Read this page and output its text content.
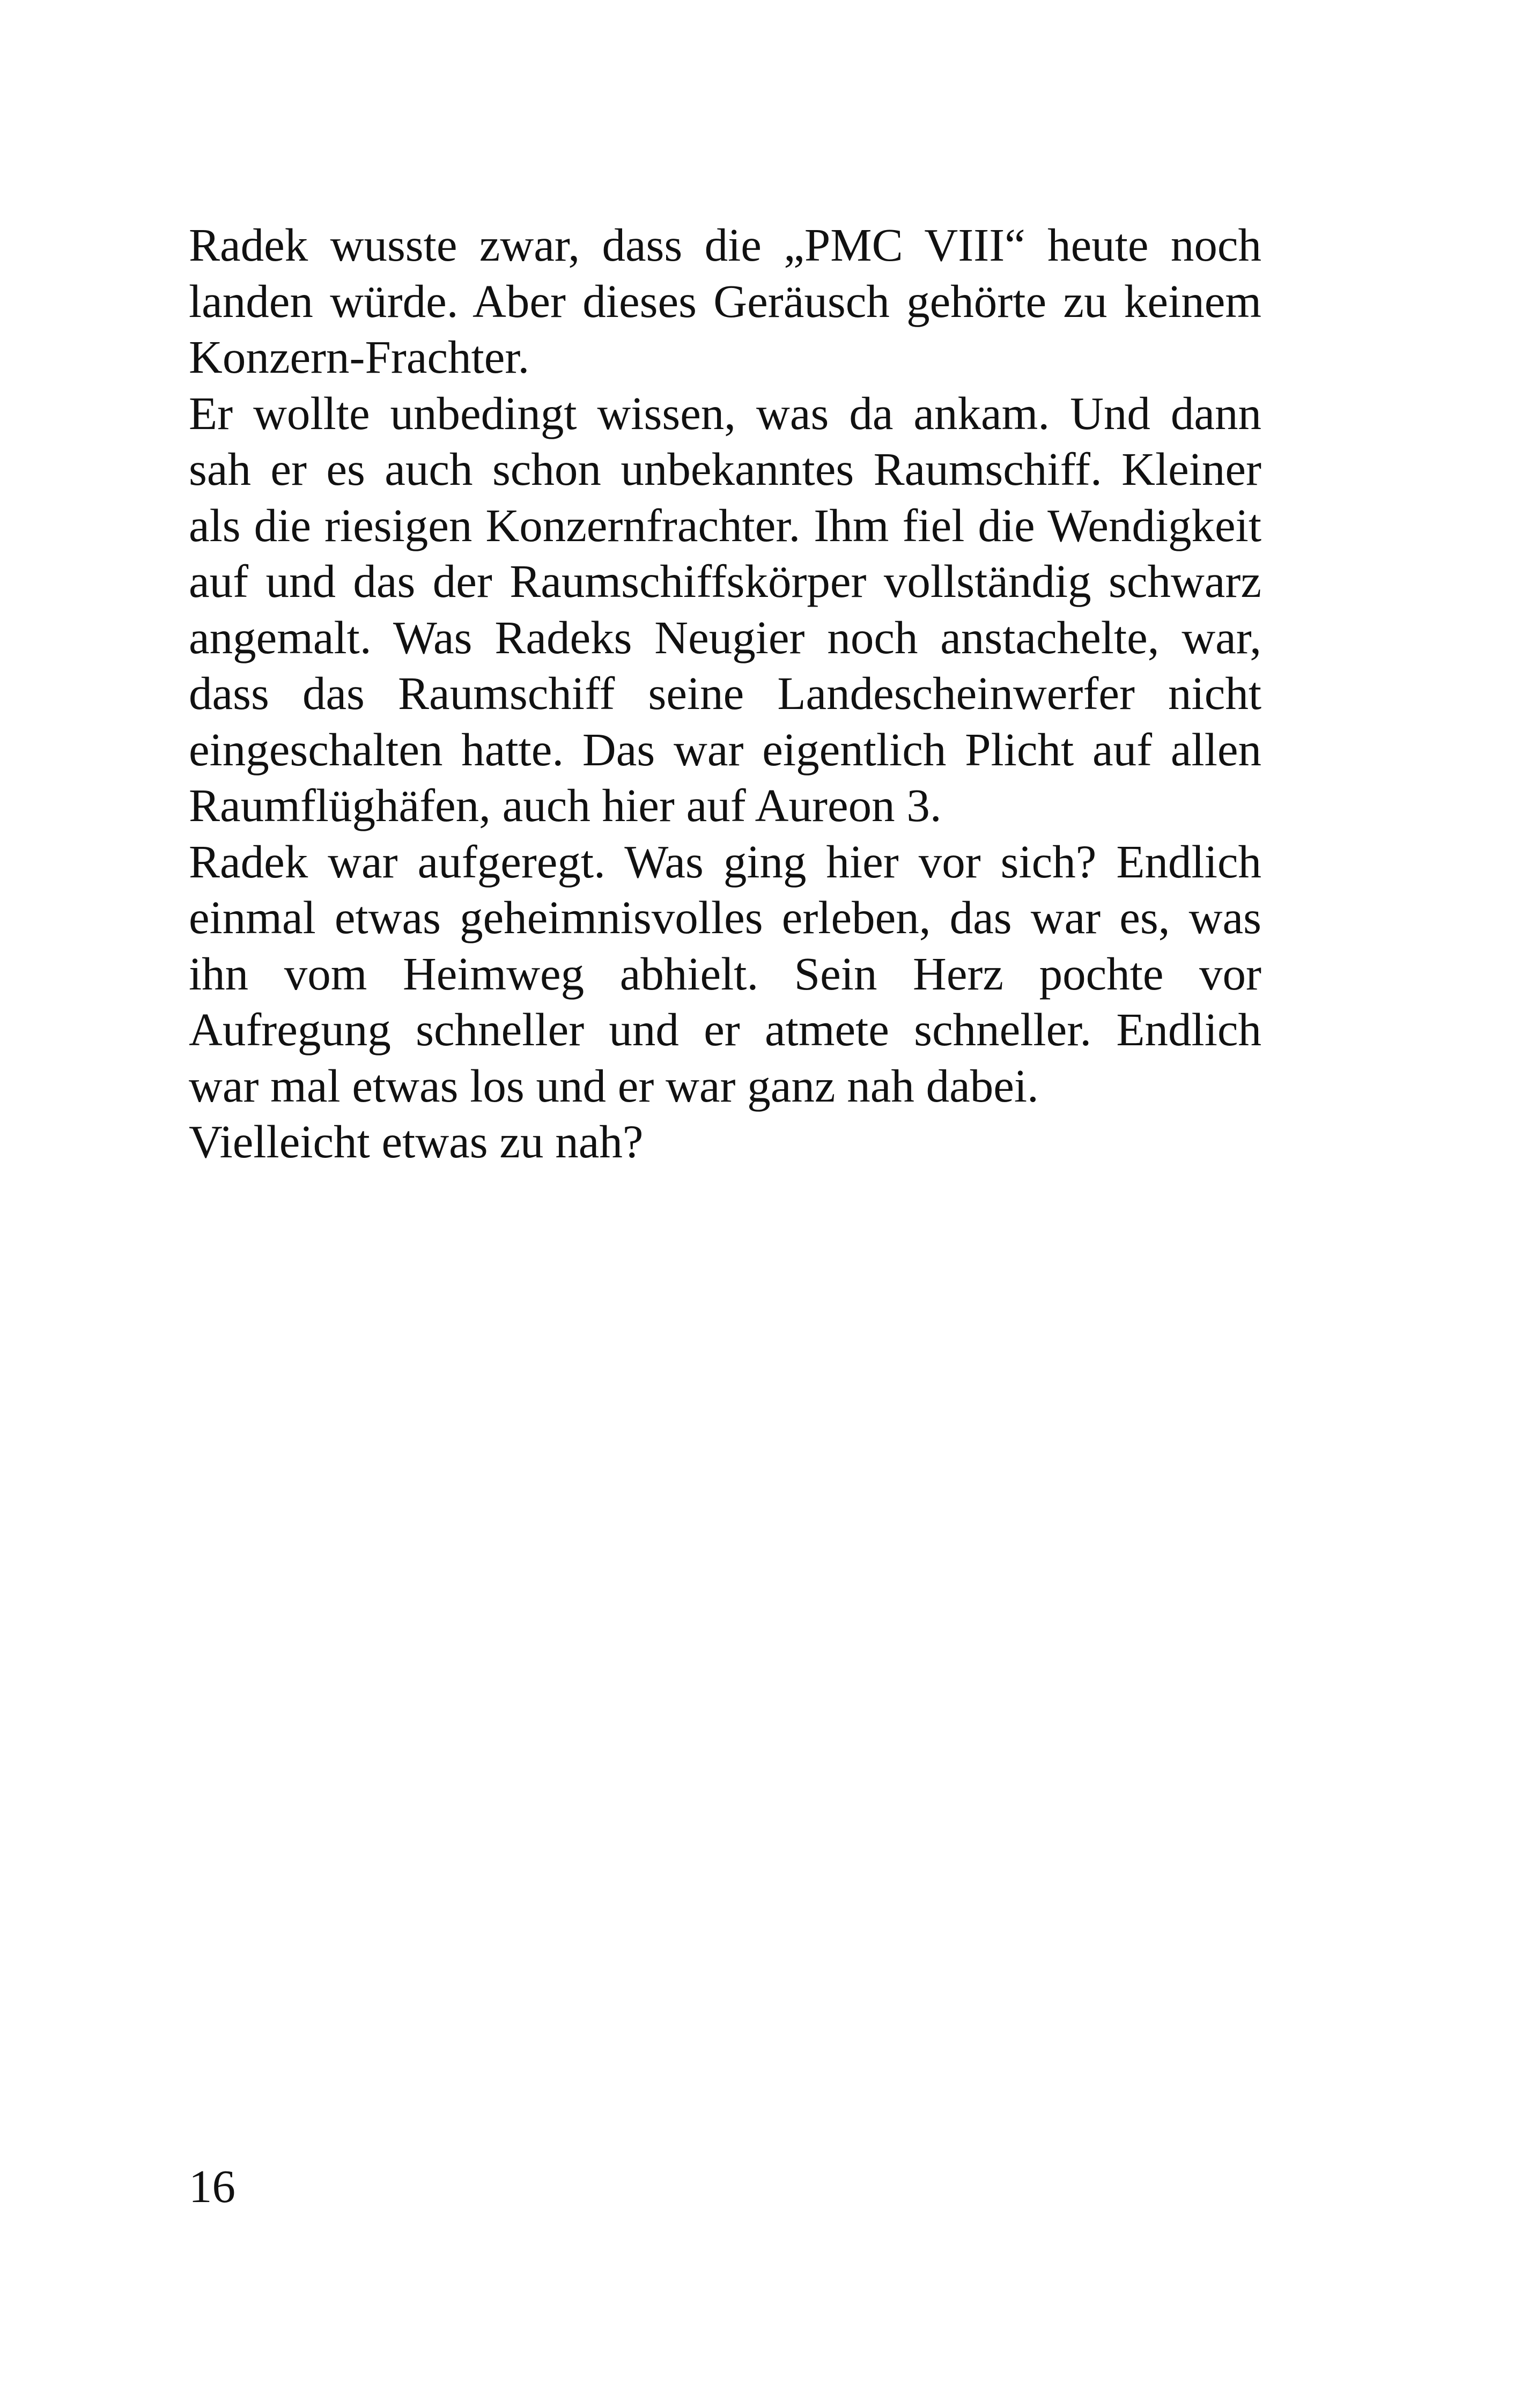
Radek wusste zwar, dass die „PMC VIII“ heute noch landen würde. Aber dieses Geräusch gehörte zu keinem Konzern-Frachter.

Er wollte unbedingt wissen, was da ankam. Und dann sah er es auch schon unbekanntes Raumschiff. Kleiner als die riesigen Konzernfrachter. Ihm fiel die Wendigkeit auf und das der Raumschiffskörper vollständig schwarz angemalt. Was Radeks Neugier noch anstachelte, war, dass das Raumschiff seine Landescheinwerfer nicht eingeschalten hatte. Das war eigentlich Plicht auf allen Raumflüghäfen, auch hier auf Aureon 3.

Radek war aufgeregt. Was ging hier vor sich? Endlich einmal etwas geheimnisvolles erleben, das war es, was ihn vom Heimweg abhielt. Sein Herz pochte vor Aufregung schneller und er atmete schneller. Endlich war mal etwas los und er war ganz nah dabei.

Vielleicht etwas zu nah?

16
